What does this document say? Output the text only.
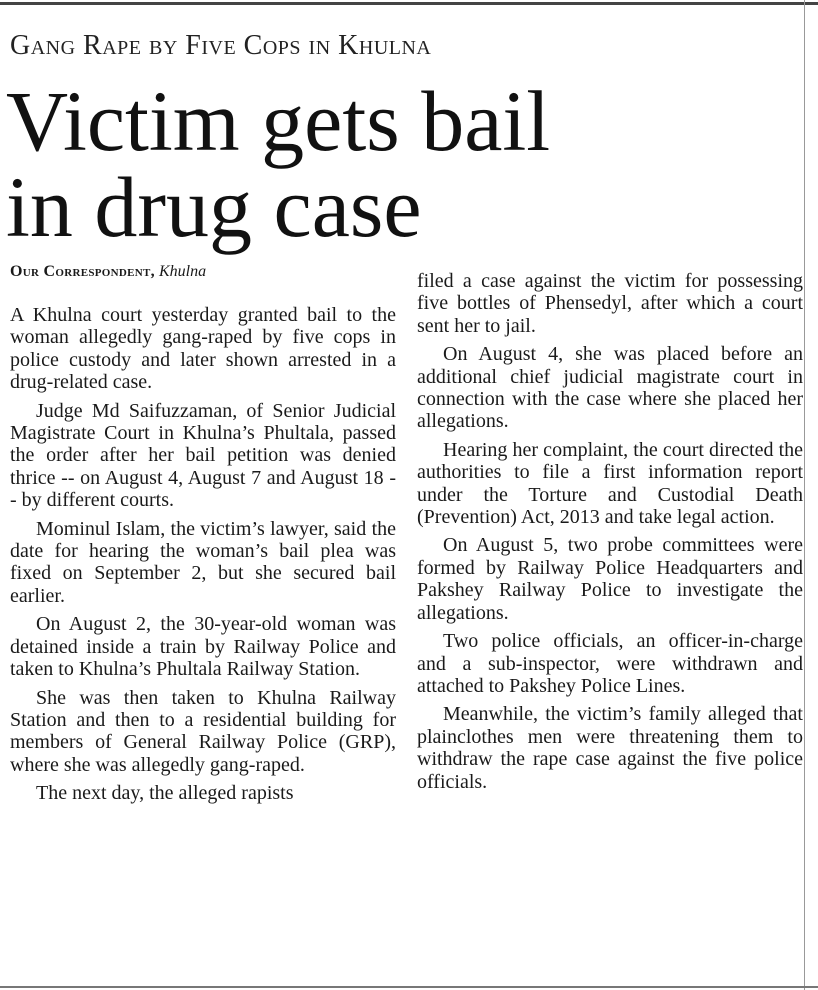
Gang Rape by Five Cops in Khulna
Victim gets bail
in drug case
Our Correspondent, Khulna

A Khulna court yesterday granted bail to the woman allegedly gang-raped by five cops in police custody and later shown arrested in a drug-related case.

Judge Md Saifuzzaman, of Senior Judicial Magistrate Court in Khulna’s Phultala, passed the order after her bail petition was denied thrice -- on August 4, August 7 and August 18 -- by different courts.

Mominul Islam, the victim’s lawyer, said the date for hearing the woman’s bail plea was fixed on September 2, but she secured bail earlier.

On August 2, the 30-year-old woman was detained inside a train by Railway Police and taken to Khulna’s Phultala Railway Station.

She was then taken to Khulna Railway Station and then to a residential building for members of General Railway Police (GRP), where she was allegedly gang-raped.

The next day, the alleged rapists

filed a case against the victim for possessing five bottles of Phensedyl, after which a court sent her to jail.

On August 4, she was placed before an additional chief judicial magistrate court in connection with the case where she placed her allegations.

Hearing her complaint, the court directed the authorities to file a first information report under the Torture and Custodial Death (Prevention) Act, 2013 and take legal action.

On August 5, two probe committees were formed by Railway Police Headquarters and Pakshey Railway Police to investigate the allegations.

Two police officials, an officer-in-charge and a sub-inspector, were withdrawn and attached to Pakshey Police Lines.

Meanwhile, the victim’s family alleged that plainclothes men were threatening them to withdraw the rape case against the five police officials.
